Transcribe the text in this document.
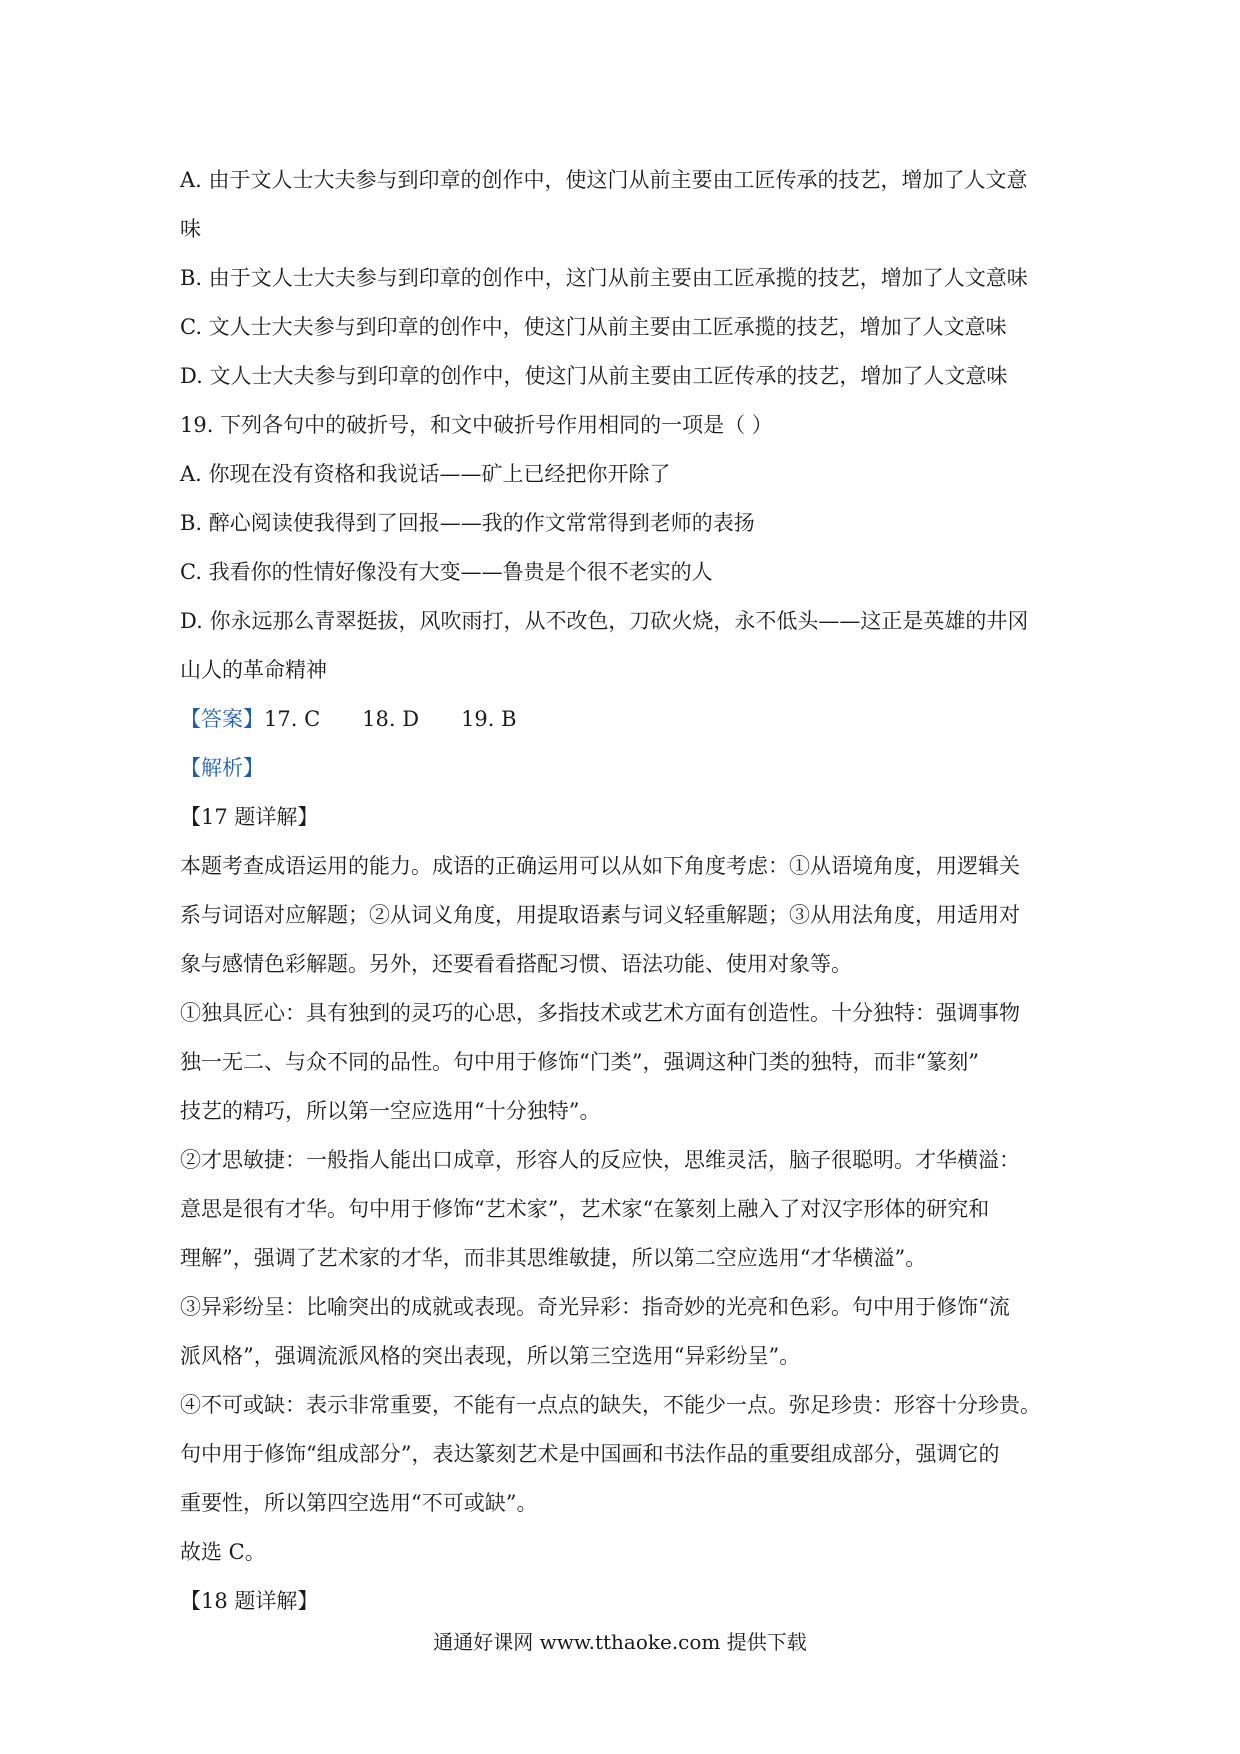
A. 由于文人士大夫参与到印章的创作中，使这门从前主要由工匠传承的技艺，增加了人文意
味
B. 由于文人士大夫参与到印章的创作中，这门从前主要由工匠承揽的技艺，增加了人文意味
C. 文人士大夫参与到印章的创作中，使这门从前主要由工匠承揽的技艺，增加了人文意味
D. 文人士大夫参与到印章的创作中，使这门从前主要由工匠传承的技艺，增加了人文意味
19. 下列各句中的破折号，和文中破折号作用相同的一项是（ ）
A. 你现在没有资格和我说话——矿上已经把你开除了
B. 醉心阅读使我得到了回报——我的作文常常得到老师的表扬
C. 我看你的性情好像没有大变——鲁贵是个很不老实的人
D. 你永远那么青翠挺拔，风吹雨打，从不改色，刀砍火烧，永不低头——这正是英雄的井冈
山人的革命精神
【答案】17. C 18. D 19. B
【解析】
【17 题详解】
本题考查成语运用的能力。成语的正确运用可以从如下角度考虑：①从语境角度，用逻辑关
系与词语对应解题；②从词义角度，用提取语素与词义轻重解题；③从用法角度，用适用对
象与感情色彩解题。另外，还要看看搭配习惯、语法功能、使用对象等。
①独具匠心：具有独到的灵巧的心思，多指技术或艺术方面有创造性。十分独特：强调事物
独一无二、与众不同的品性。句中用于修饰“门类”，强调这种门类的独特，而非“篆刻”
技艺的精巧，所以第一空应选用“十分独特”。
②才思敏捷：一般指人能出口成章，形容人的反应快，思维灵活，脑子很聪明。才华横溢：
意思是很有才华。句中用于修饰“艺术家”，艺术家“在篆刻上融入了对汉字形体的研究和
理解”，强调了艺术家的才华，而非其思维敏捷，所以第二空应选用“才华横溢”。
③异彩纷呈：比喻突出的成就或表现。奇光异彩：指奇妙的光亮和色彩。句中用于修饰“流
派风格”，强调流派风格的突出表现，所以第三空选用“异彩纷呈”。
④不可或缺：表示非常重要，不能有一点点的缺失，不能少一点。弥足珍贵：形容十分珍贵。
句中用于修饰“组成部分”，表达篆刻艺术是中国画和书法作品的重要组成部分，强调它的
重要性，所以第四空选用“不可或缺”。
故选 C。
【18 题详解】
通通好课网 www.tthaoke.com 提供下载
